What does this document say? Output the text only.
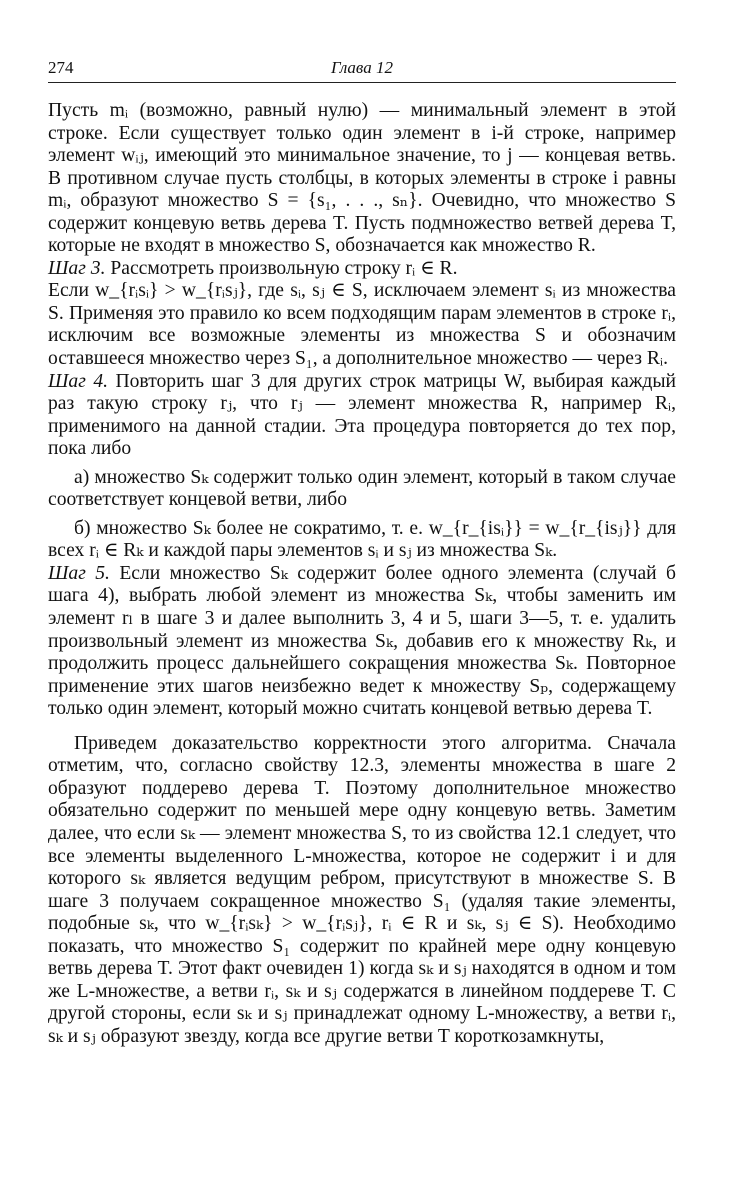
274	Глава 12

Пусть mᵢ (возможно, равный нулю) — минимальный элемент в этой строке. Если существует только один элемент в i-й строке, например элемент wᵢⱼ, имеющий это минимальное значение, то j — концевая ветвь. В противном случае пусть столбцы, в которых элементы в строке i равны mᵢ, образуют множество S = {s₁, . . ., sₙ}. Очевидно, что множество S содержит концевую ветвь дерева T. Пусть подмножество ветвей дерева T, которые не входят в множество S, обозначается как множество R.

Шаг 3. Рассмотреть произвольную строку rᵢ ∈ R.

Если w_{rᵢsᵢ} > w_{rᵢsⱼ}, где sᵢ, sⱼ ∈ S, исключаем элемент sᵢ из множества S. Применяя это правило ко всем подходящим парам элементов в строке rᵢ, исключим все возможные элементы из множества S и обозначим оставшееся множество через S₁, а дополнительное множество — через Rᵢ.

Шаг 4. Повторить шаг 3 для других строк матрицы W, выбирая каждый раз такую строку rⱼ, что rⱼ — элемент множества R, например Rᵢ, применимого на данной стадии. Эта процедура повторяется до тех пор, пока либо

а) множество Sₖ содержит только один элемент, который в таком случае соответствует концевой ветви, либо

б) множество Sₖ более не сократимо, т. е. w_{r_{isᵢ}} = w_{r_{isⱼ}} для всех rᵢ ∈ Rₖ и каждой пары элементов sᵢ и sⱼ из множества Sₖ.

Шаг 5. Если множество Sₖ содержит более одного элемента (случай б шага 4), выбрать любой элемент из множества Sₖ, чтобы заменить им элемент rₗ в шаге 3 и далее выполнить 3, 4 и 5, шаги 3—5, т. е. удалить произвольный элемент из множества Sₖ, добавив его к множеству Rₖ, и продолжить процесс дальнейшего сокращения множества Sₖ. Повторное применение этих шагов неизбежно ведет к множеству Sₚ, содержащему только один элемент, который можно считать концевой ветвью дерева T.

Приведем доказательство корректности этого алгоритма. Сначала отметим, что, согласно свойству 12.3, элементы множества в шаге 2 образуют поддерево дерева T. Поэтому дополнительное множество обязательно содержит по меньшей мере одну концевую ветвь. Заметим далее, что если sₖ — элемент множества S, то из свойства 12.1 следует, что все элементы выделенного L-множества, которое не содержит i и для которого sₖ является ведущим ребром, присутствуют в множестве S. В шаге 3 получаем сокращенное множество S₁ (удаляя такие элементы, подобные sₖ, что w_{rᵢsₖ} > w_{rᵢsⱼ}, rᵢ ∈ R и sₖ, sⱼ ∈ S). Необходимо показать, что множество S₁ содержит по крайней мере одну концевую ветвь дерева T. Этот факт очевиден 1) когда sₖ и sⱼ находятся в одном и том же L-множестве, а ветви rᵢ, sₖ и sⱼ содержатся в линейном поддереве T. С другой стороны, если sₖ и sⱼ принадлежат одному L-множеству, а ветви rᵢ, sₖ и sⱼ образуют звезду, когда все другие ветви T короткозамкнуты,
